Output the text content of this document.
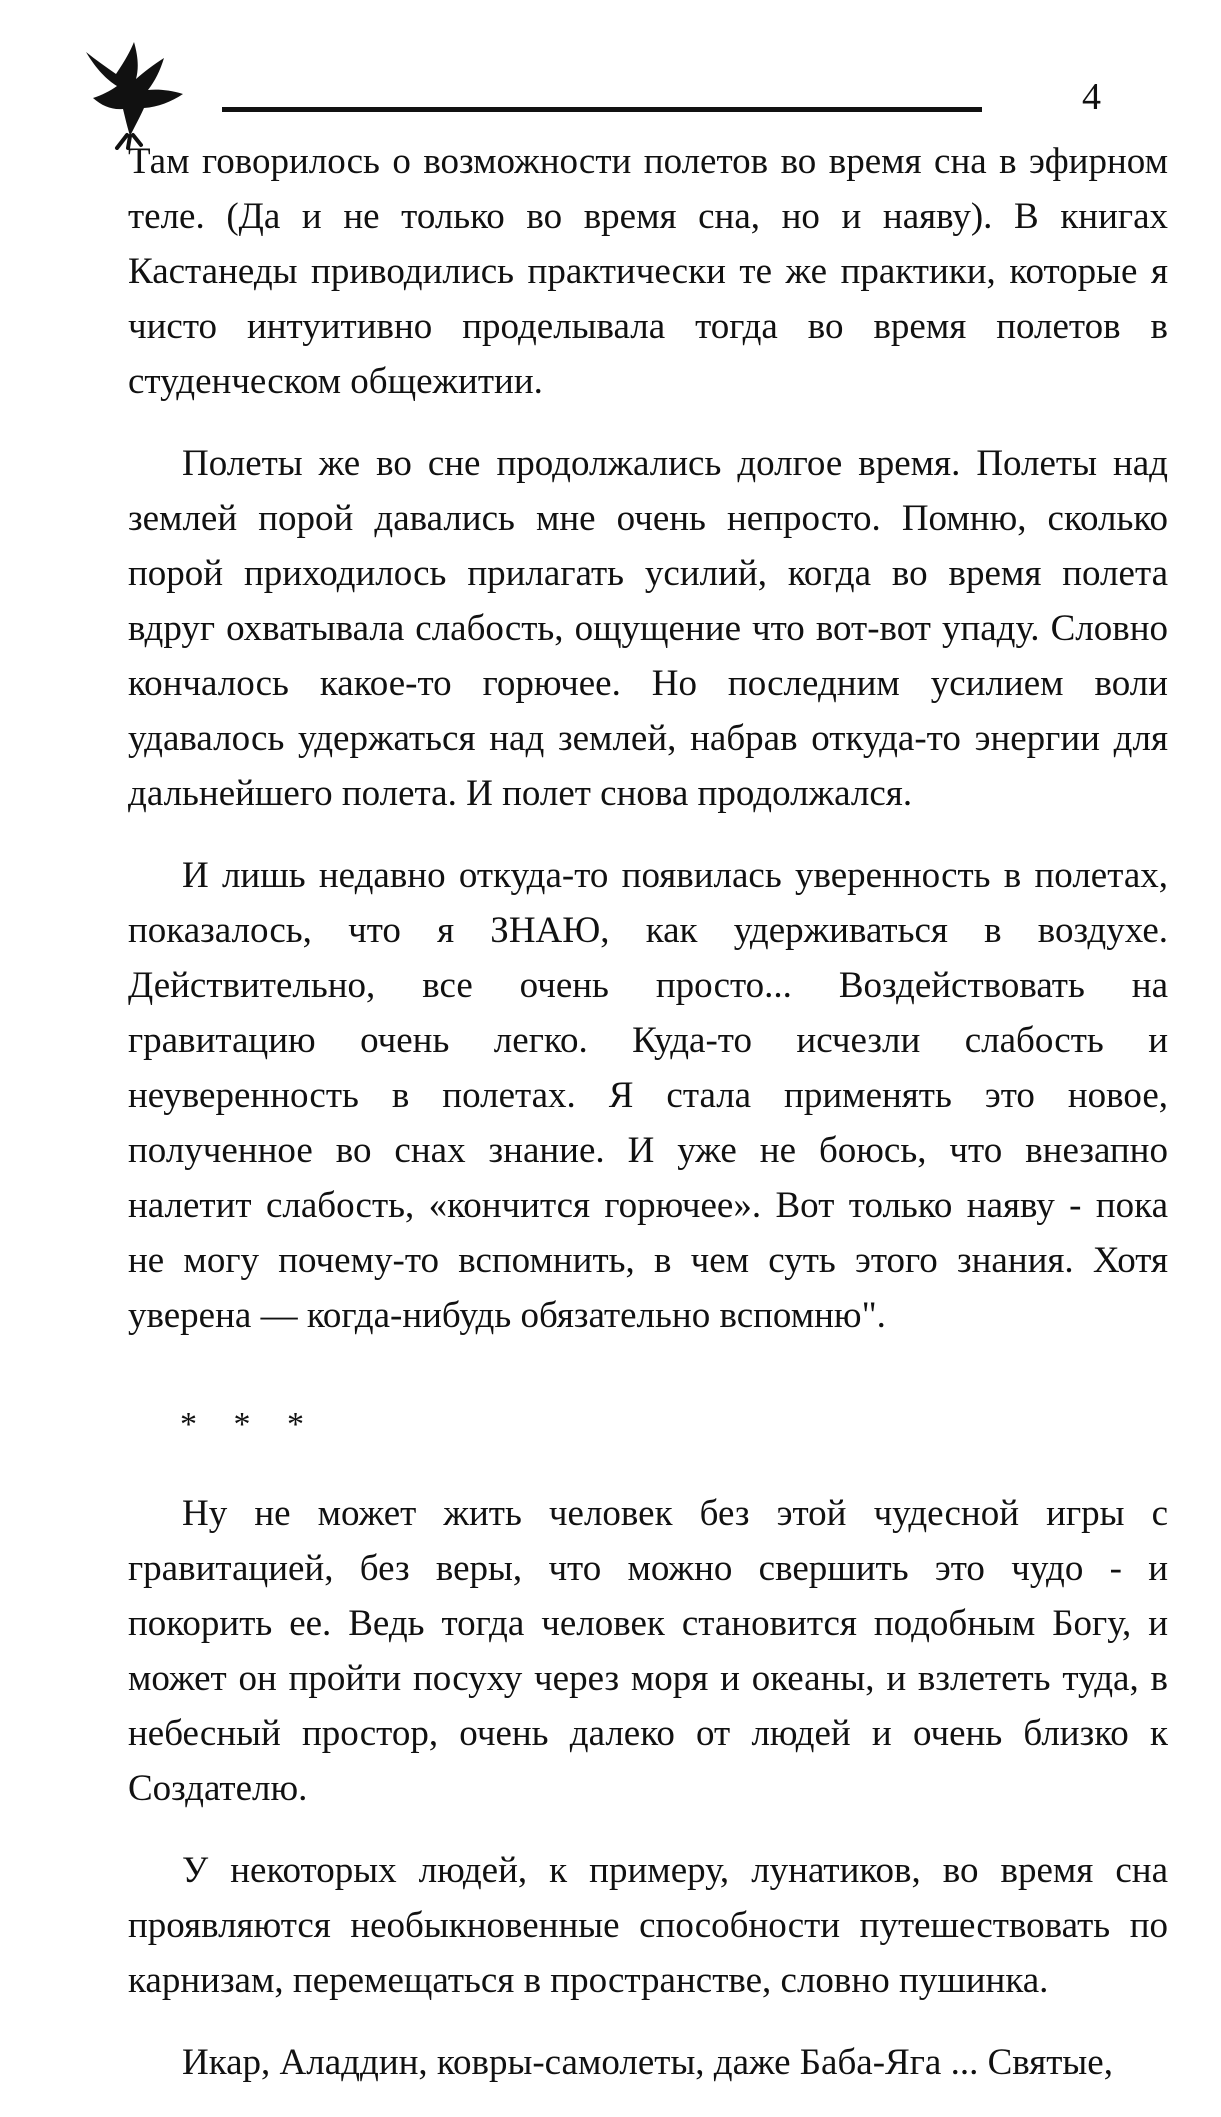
4

Там говорилось о возможности полетов во время сна в эфирном теле. (Да и не только во время сна, но и наяву). В книгах Кастанеды приводились практически те же практики, которые я чисто интуитивно проделывала тогда во время полетов в студенческом общежитии.

Полеты же во сне продолжались долгое время. Полеты над землей порой давались мне очень непросто. Помню, сколько порой приходилось прилагать усилий, когда во время полета вдруг охватывала слабость, ощущение что вот-вот упаду. Словно кончалось какое-то горючее. Но последним усилием воли удавалось удержаться над землей, набрав откуда-то энергии для дальнейшего полета. И полет снова продолжался.

И лишь недавно откуда-то появилась уверенность в полетах, показалось, что я ЗНАЮ, как удерживаться в воздухе. Действительно, все очень просто... Воздействовать на гравитацию очень легко. Куда-то исчезли слабость и неуверенность в полетах. Я стала применять это новое, полученное во снах знание. И уже не боюсь, что внезапно налетит слабость, «кончится горючее». Вот только наяву - пока не могу почему-то вспомнить, в чем суть этого знания. Хотя уверена — когда-нибудь обязательно вспомню".

* * *

Ну не может жить человек без этой чудесной игры с гравитацией, без веры, что можно свершить это чудо - и покорить ее. Ведь тогда человек становится подобным Богу, и может он пройти посуху через моря и океаны, и взлететь туда, в небесный простор, очень далеко от людей и очень близко к Создателю.

У некоторых людей, к примеру, лунатиков, во время сна проявляются необыкновенные способности путешествовать по карнизам, перемещаться в пространстве, словно пушинка.

Икар, Аладдин, ковры-самолеты, даже Баба-Яга ... Святые,
